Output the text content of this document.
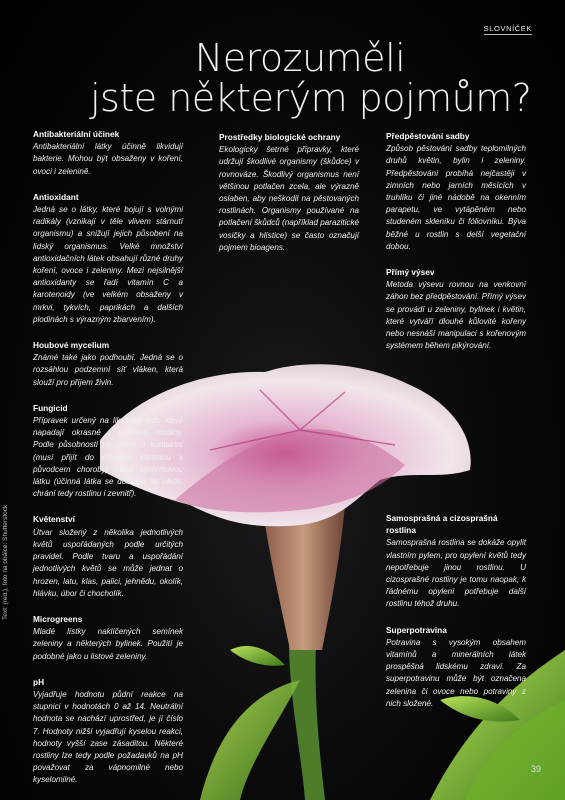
SLOVNÍČEK
Nerozuměli
jste některým pojmům?
Antibakteriální účinek
Antibakteriální látky účinně likvidují bakterie. Mohou být obsaženy v koření, ovoci i zelenině.
Antioxidant
Jedná se o látky, které bojují s volnými radikály (vznikají v těle vlivem stárnutí organismu) a snižují jejich působení na lidský organismus. Velké množství antioxidačních látek obsahují různé druhy koření, ovoce i zeleniny. Mezi nejsilnější antioxidanty se řadí vitamín C a karotenoidy (ve velkém obsaženy v mrkvi, tykvích, paprikách a dalších plodinách s výrazným zbarvením).
Houbové mycelium
Známé také jako podhoubí. Jedná se o rozsáhlou podzemní síť vláken, která slouží pro příjem živin.
Fungicid
Přípravek určený na likvidaci hub, které napadají okrasné i užitkové rostliny. Podle působnosti se jedná o kontaktní (musí přijít do přímého kontaktu s původcem choroby) nebo systémovou látku (účinná látka se dostane do pletiv, chrání tedy rostlinu i zevnitř).
Květenství
Útvar složený z několika jednotlivých květů uspořádaných podle určitých pravidel. Podle tvaru a uspořádání jednotlivých květů se může jednat o hrozen, latu, klas, palici, jehnědu, okolík, hlávku, úbor či chocholík.
Microgreens
Mladé lístky naklíčených semínek zeleniny a některých bylinek. Použití je podobné jako u listové zeleniny.
pH
Vyjadřuje hodnotu půdní reakce na stupnici v hodnotách 0 až 14. Neutrální hodnota se nachází uprostřed, je jí číslo 7. Hodnoty nižší vyjadřují kyselou reakci, hodnoty vyšší zase zásaditou. Některé rostliny lze tedy podle požadavků na pH považovat za vápnomilné nebo kyselomilné.
Prostředky biologické ochrany
Ekologicky šetrné přípravky, které udržují škodlivé organismy (škůdce) v rovnováze. Škodlivý organismus není většinou potlačen zcela, ale výrazně oslaben, aby neškodil na pěstovaných rostlinách. Organismy používané na potlačení škůdců (například parazitické vosičky a hlístice) se často označují pojmem bioagens.
Předpěstování sadby
Způsob pěstování sadby teplomilných druhů květin, bylin i zeleniny. Předpěstování probíhá nejčastěji v zimních nebo jarních měsících v truhlíku či jiné nádobě na okenním parapetu, ve vytápěném nebo studeném skleníku či fóliovníku. Býva běžné u rostlin s delší vegetační dobou.
Přímý výsev
Metoda výsevu rovnou na venkovní záhon bez předpěstování. Přímý výsev se provádí u zeleniny, bylinek i květin, které vytváří dlouhé kůlovité kořeny nebo nesnáší manipulaci s kořenovým systémem během pikýrování.
Samosprašná a cizosprašná rostlina
Samosprašná rostlina se dokáže opylit vlastním pylem, pro opylení květů tedy nepotřebuje jinou rostlinu. U cizosprašné rostliny je tomu naopak, k řádnému opylení potřebuje další rostlinu téhož druhu.
Superpotravina
Potravina s vysokým obsahem vitamínů a minerálních látek prospěšná lidskému zdraví. Za superpotravinu může být označena zelenina či ovoce nebo potraviny z nich složené.
Text: (red.), foto na obálce: Shutterstock
39
